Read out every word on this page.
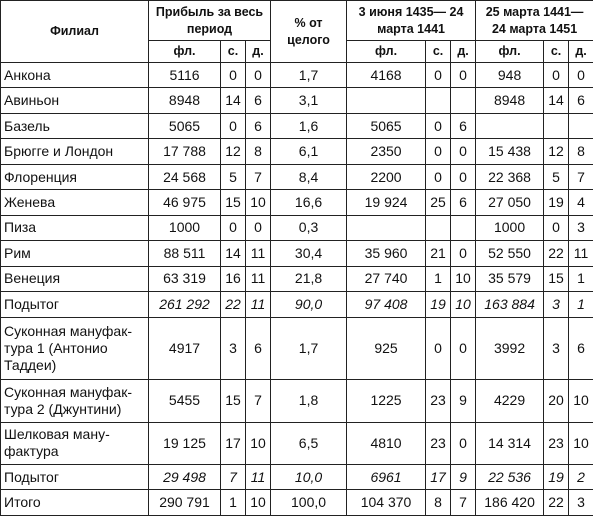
Филиал	Прибыль за весь период			% от целого	3 июня 1435— 24 марта 1441			25 марта 1441— 24 марта 1451		
	фл.	с.	д.		фл.	с.	д.	фл.	с.	д.
Анкона	5116	0	0	1,7	4168	0	0	948	0	0
Авиньон	8948	14	6	3,1				8948	14	6
Базель	5065	0	6	1,6	5065	0	6			
Брюгге и Лондон	17 788	12	8	6,1	2350	0	0	15 438	12	8
Флоренция	24 568	5	7	8,4	2200	0	0	22 368	5	7
Женева	46 975	15	10	16,6	19 924	25	6	27 050	19	4
Пиза	1000	0	0	0,3				1000	0	3
Рим	88 511	14	11	30,4	35 960	21	0	52 550	22	11
Венеция	63 319	16	11	21,8	27 740	1	10	35 579	15	1
Подытог	261 292	22	11	90,0	97 408	19	10	163 884	3	1
Суконная мануфак-тура 1 (Антонио Таддеи)	4917	3	6	1,7	925	0	0	3992	3	6
Суконная мануфак-тура 2 (Джунтини)	5455	15	7	1,8	1225	23	9	4229	20	10
Шелковая ману-фактура	19 125	17	10	6,5	4810	23	0	14 314	23	10
Подытог	29 498	7	11	10,0	6961	17	9	22 536	19	2
Итого	290 791	1	10	100,0	104 370	8	7	186 420	22	3
